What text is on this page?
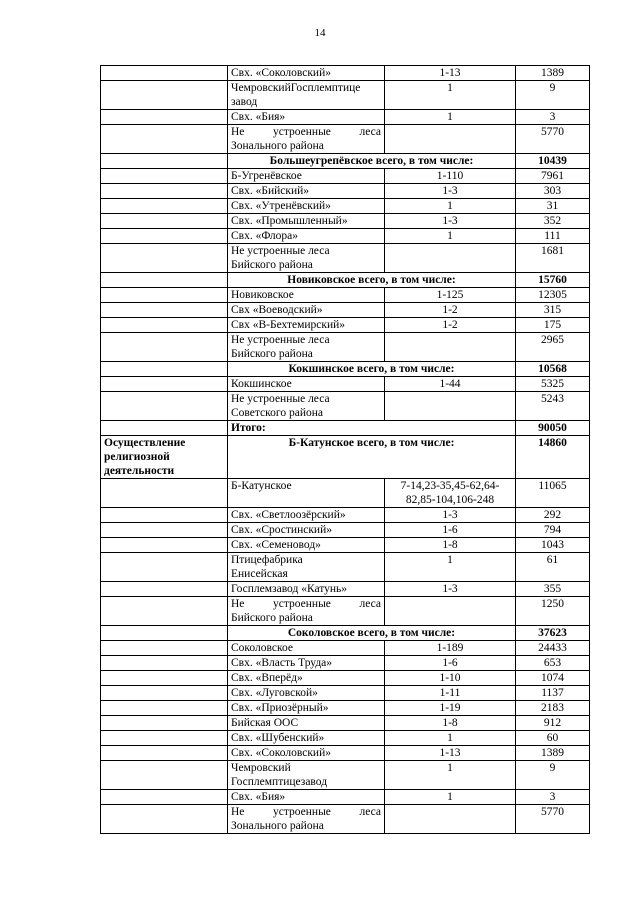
14
	Свх. «Соколовский»	1-13	1389

	ЧемровскийГосплемптице
завод	1	9
	Свх. «Бия»	1	3

	Не устроенные леса
Зонального района		5770
	Большеугрепёвское всего, в том числе:		10439
	Б-Угренёвское	1-110	7961
	Свх. «Бийский»	1-3	303
	Свх. «Утренёвский»	1	31
	Свх. «Промышленный»	1-3	352
	Свх. «Флора»	1	111

	Не устроенные леса
Бийского района		1681
	Новиковское всего, в том числе:		15760
	Новиковское	1-125	12305
	Свх «Воеводский»	1-2	315
	Свх «В-Бехтемирский»	1-2	175

	Не устроенные леса
Бийского района		2965
	Кокшинское всего, в том числе:		10568
	Кокшинское	1-44	5325

	Не устроенные леса
Советского района		5243
	Итого:		90050

Осуществление
религиозной
деятельности	Б-Катунское всего, в том числе:		14860
	Б-Катунское	7-14,23-35,45-62,64-
82,85-104,106-248	11065
	Свх. «Светлоозёрский»	1-3	292
	Свх. «Сростинский»	1-6	794
	Свх. «Семеновод»	1-8	1043

	Птицефабрика
Енисейская	1	61
	Госплемзавод «Катунь»	1-3	355

	Не устроенные леса
Бийского района		1250
	Соколовское всего, в том числе:		37623
	Соколовское	1-189	24433
	Свх. «Власть Труда»	1-6	653
	Свх. «Вперёд»	1-10	1074
	Свх. «Луговской»	1-11	1137
	Свх. «Приозёрный»	1-19	2183
	Бийская ООС	1-8	912
	Свх. «Шубенский»	1	60
	Свх. «Соколовский»	1-13	1389

	Чемровский
Госплемптицезавод	1	9
	Свх. «Бия»	1	3

	Не устроенные леса
Зонального района		5770
